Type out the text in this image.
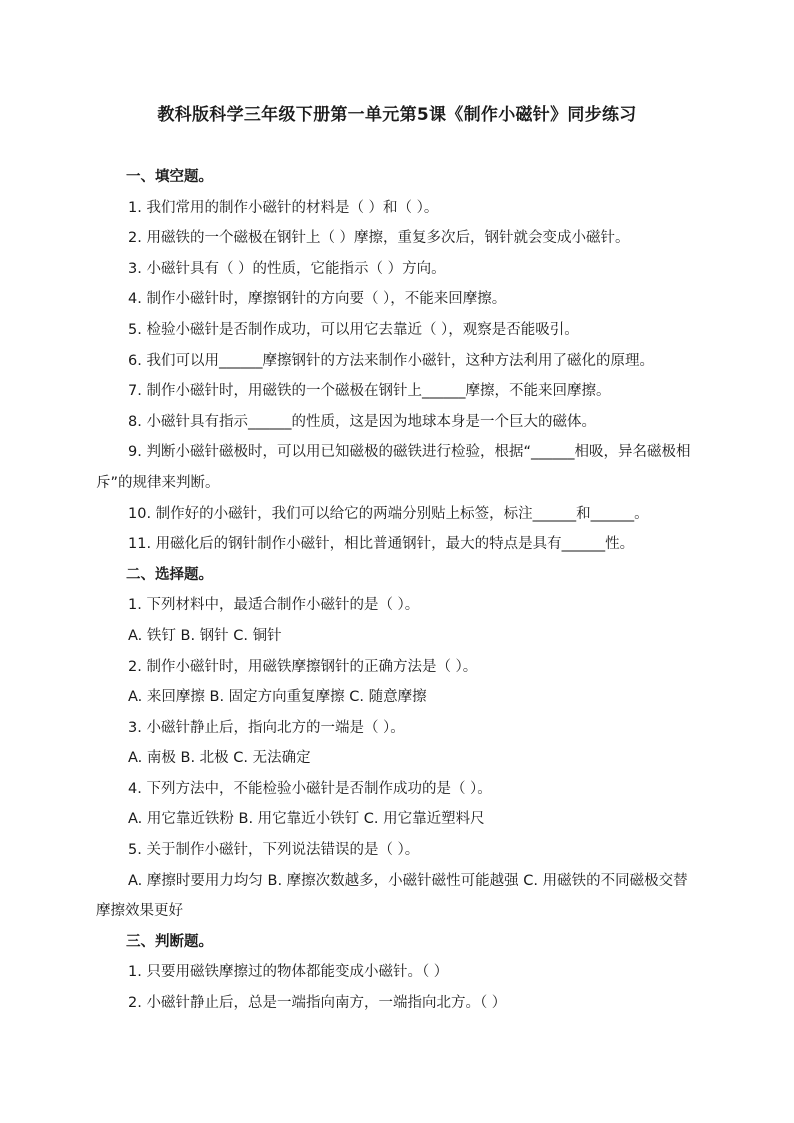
教科版科学三年级下册第一单元第5课《制作小磁针》同步练习
一、填空题。
1. 我们常用的制作小磁针的材料是（ ）和（ ）。
2. 用磁铁的一个磁极在钢针上（ ）摩擦，重复多次后，钢针就会变成小磁针。
3. 小磁针具有（ ）的性质，它能指示（ ）方向。
4. 制作小磁针时，摩擦钢针的方向要（ ），不能来回摩擦。
5. 检验小磁针是否制作成功，可以用它去靠近（ ），观察是否能吸引。
6. 我们可以用______摩擦钢针的方法来制作小磁针，这种方法利用了磁化的原理。
7. 制作小磁针时，用磁铁的一个磁极在钢针上______摩擦，不能来回摩擦。
8. 小磁针具有指示______的性质，这是因为地球本身是一个巨大的磁体。
9. 判断小磁针磁极时，可以用已知磁极的磁铁进行检验，根据“______相吸，异名磁极相斥”的规律来判断。
10. 制作好的小磁针，我们可以给它的两端分别贴上标签，标注______和______。
11. 用磁化后的钢针制作小磁针，相比普通钢针，最大的特点是具有______性。
二、选择题。
1. 下列材料中，最适合制作小磁针的是（ ）。
A. 铁钉 B. 钢针 C. 铜针
2. 制作小磁针时，用磁铁摩擦钢针的正确方法是（ ）。
A. 来回摩擦 B. 固定方向重复摩擦 C. 随意摩擦
3. 小磁针静止后，指向北方的一端是（ ）。
A. 南极 B. 北极 C. 无法确定
4. 下列方法中，不能检验小磁针是否制作成功的是（ ）。
A. 用它靠近铁粉 B. 用它靠近小铁钉 C. 用它靠近塑料尺
5. 关于制作小磁针，下列说法错误的是（ ）。
A. 摩擦时要用力均匀 B. 摩擦次数越多，小磁针磁性可能越强 C. 用磁铁的不同磁极交替摩擦效果更好
三、判断题。
1. 只要用磁铁摩擦过的物体都能变成小磁针。（ ）
2. 小磁针静止后，总是一端指向南方，一端指向北方。（ ）
